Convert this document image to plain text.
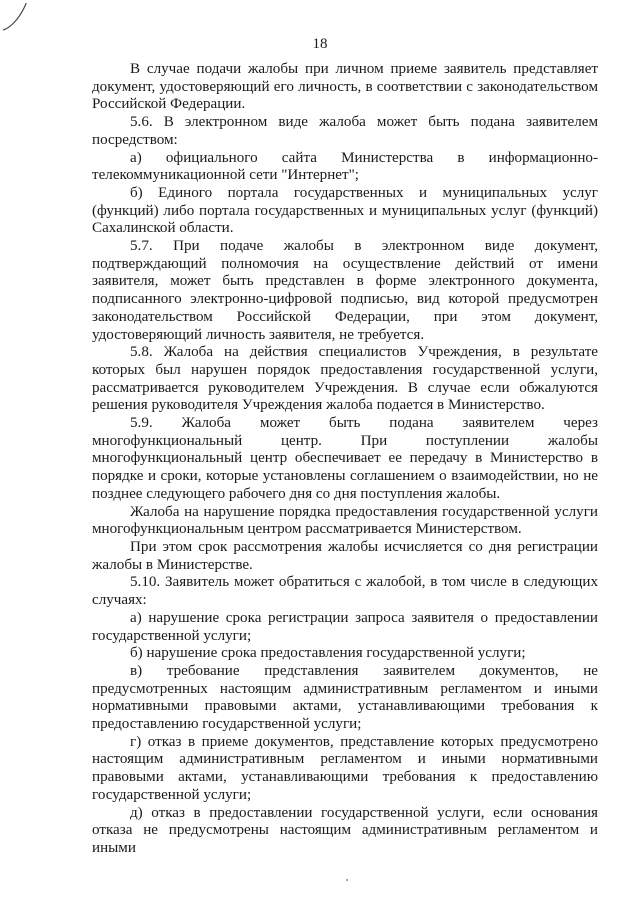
18

В случае подачи жалобы при личном приеме заявитель представляет документ, удостоверяющий его личность, в соответствии с законодательством Российской Федерации.

5.6. В электронном виде жалоба может быть подана заявителем посредством:

а) официального сайта Министерства в информационно-телекоммуникационной сети "Интернет";

б) Единого портала государственных и муниципальных услуг (функций) либо портала государственных и муниципальных услуг (функций) Сахалинской области.

5.7. При подаче жалобы в электронном виде документ, подтверждающий полномочия на осуществление действий от имени заявителя, может быть представлен в форме электронного документа, подписанного электронно-цифровой подписью, вид которой предусмотрен законодательством Российской Федерации, при этом документ, удостоверяющий личность заявителя, не требуется.

5.8. Жалоба на действия специалистов Учреждения, в результате которых был нарушен порядок предоставления государственной услуги, рассматривается руководителем Учреждения. В случае если обжалуются решения руководителя Учреждения жалоба подается в Министерство.

5.9. Жалоба может быть подана заявителем через многофункциональный центр. При поступлении жалобы многофункциональный центр обеспечивает ее передачу в Министерство в порядке и сроки, которые установлены соглашением о взаимодействии, но не позднее следующего рабочего дня со дня поступления жалобы.

Жалоба на нарушение порядка предоставления государственной услуги многофункциональным центром рассматривается Министерством.

При этом срок рассмотрения жалобы исчисляется со дня регистрации жалобы в Министерстве.

5.10. Заявитель может обратиться с жалобой, в том числе в следующих случаях:

а) нарушение срока регистрации запроса заявителя о предоставлении государственной услуги;

б) нарушение срока предоставления государственной услуги;

в) требование представления заявителем документов, не предусмотренных настоящим административным регламентом и иными нормативными правовыми актами, устанавливающими требования к предоставлению государственной услуги;

г) отказ в приеме документов, представление которых предусмотрено настоящим административным регламентом и иными нормативными правовыми актами, устанавливающими требования к предоставлению государственной услуги;

д) отказ в предоставлении государственной услуги, если основания отказа не предусмотрены настоящим административным регламентом и иными
